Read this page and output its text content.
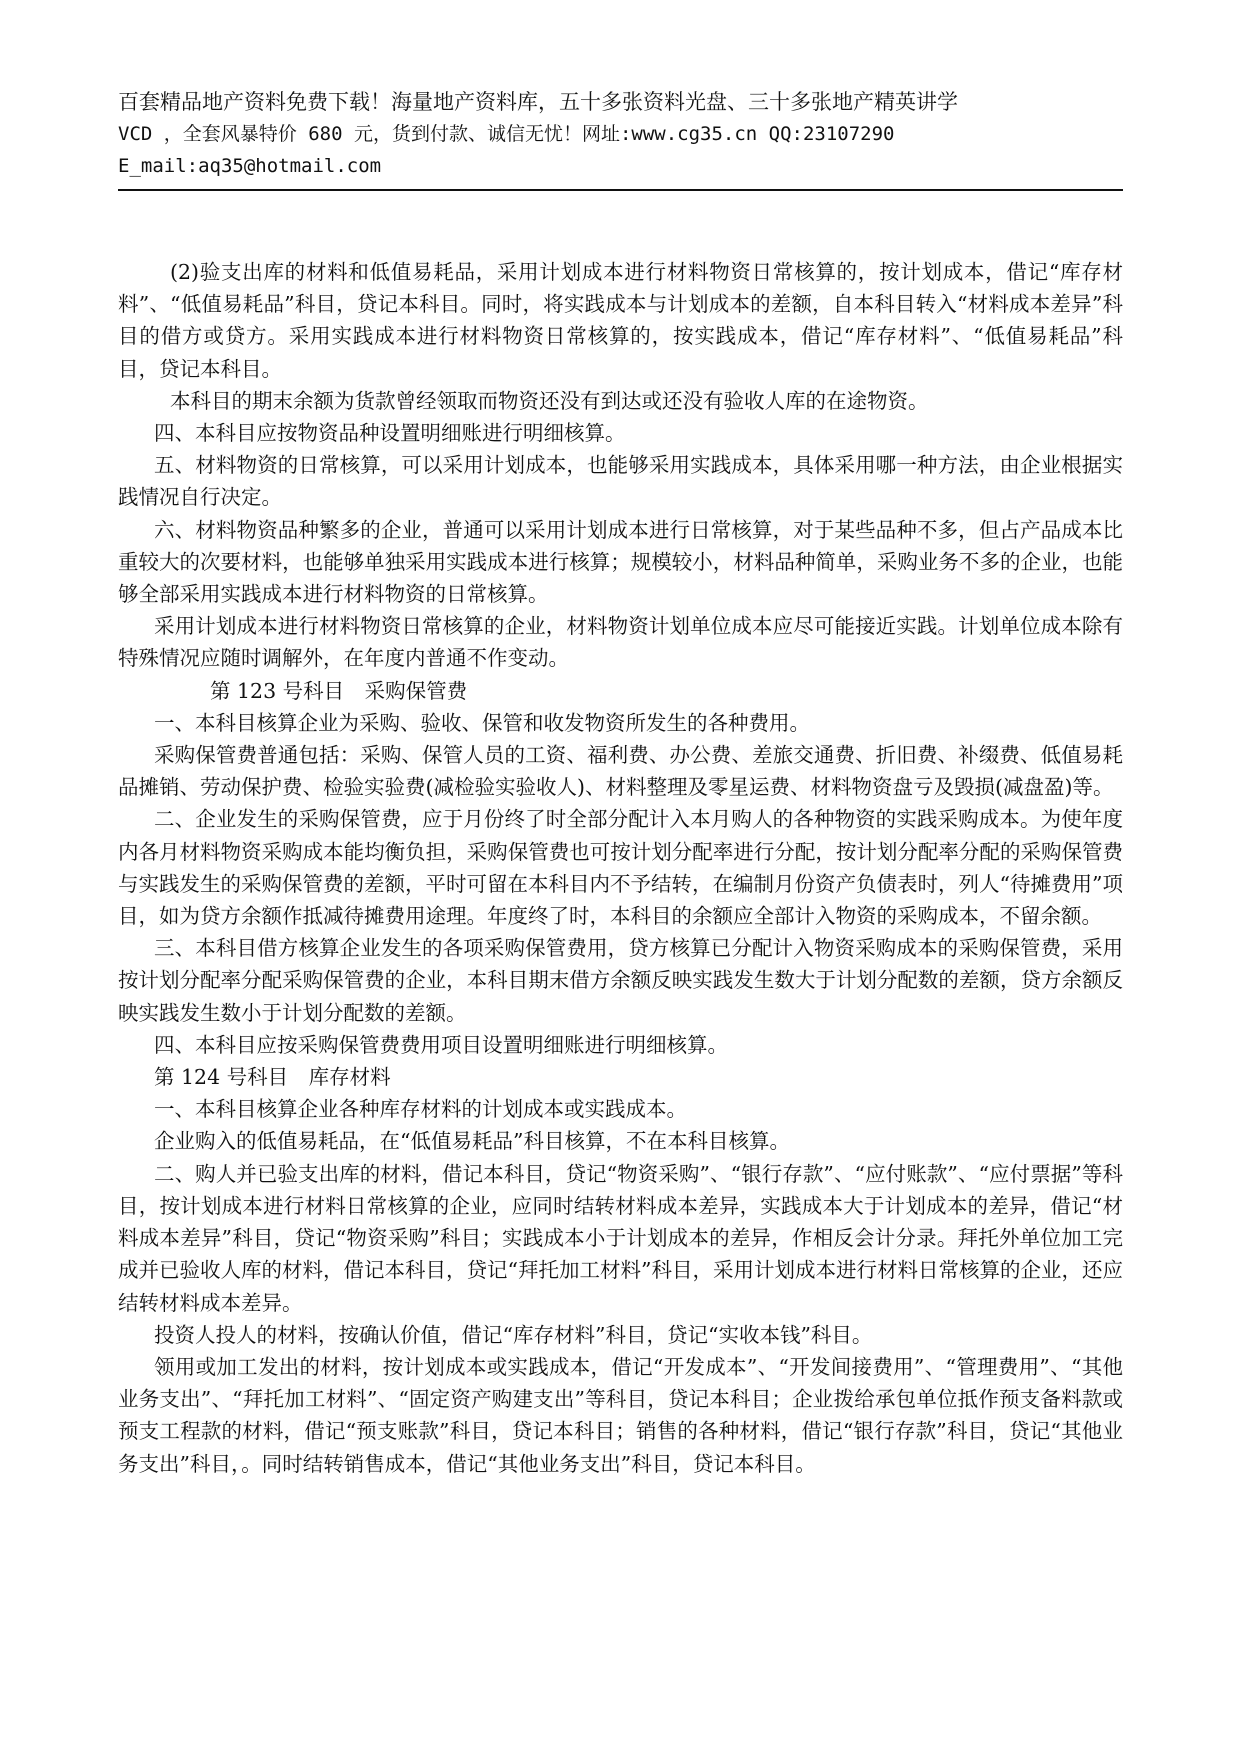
百套精品地产资料免费下载！海量地产资料库，五十多张资料光盘、三十多张地产精英讲学
VCD ，全套风暴特价 680 元，货到付款、诚信无忧！网址:www.cg35.cn QQ:23107290
E_mail:aq35@hotmail.com

(2)验支出库的材料和低值易耗品，采用计划成本进行材料物资日常核算的，按计划成本，借记“库存材料”、“低值易耗品”科目，贷记本科目。同时，将实践成本与计划成本的差额，自本科目转入“材料成本差异”科目的借方或贷方。采用实践成本进行材料物资日常核算的，按实践成本，借记“库存材料”、“低值易耗品”科目，贷记本科目。

本科目的期末余额为货款曾经领取而物资还没有到达或还没有验收人库的在途物资。

四、本科目应按物资品种设置明细账进行明细核算。

五、材料物资的日常核算，可以采用计划成本，也能够采用实践成本，具体采用哪一种方法，由企业根据实践情况自行决定。

六、材料物资品种繁多的企业，普通可以采用计划成本进行日常核算，对于某些品种不多，但占产品成本比重较大的次要材料，也能够单独采用实践成本进行核算；规模较小，材料品种简单，采购业务不多的企业，也能够全部采用实践成本进行材料物资的日常核算。

采用计划成本进行材料物资日常核算的企业，材料物资计划单位成本应尽可能接近实践。计划单位成本除有特殊情况应随时调解外，在年度内普通不作变动。

第 123 号科目　采购保管费

一、本科目核算企业为采购、验收、保管和收发物资所发生的各种费用。

采购保管费普通包括：采购、保管人员的工资、福利费、办公费、差旅交通费、折旧费、补缀费、低值易耗品摊销、劳动保护费、检验实验费(减检验实验收人)、材料整理及零星运费、材料物资盘亏及毁损(减盘盈)等。

二、企业发生的采购保管费，应于月份终了时全部分配计入本月购人的各种物资的实践采购成本。为使年度内各月材料物资采购成本能均衡负担，采购保管费也可按计划分配率进行分配，按计划分配率分配的采购保管费与实践发生的采购保管费的差额，平时可留在本科目内不予结转，在编制月份资产负债表时，列人“待摊费用”项目，如为贷方余额作抵减待摊费用途理。年度终了时，本科目的余额应全部计入物资的采购成本，不留余额。

三、本科目借方核算企业发生的各项采购保管费用，贷方核算已分配计入物资采购成本的采购保管费，采用按计划分配率分配采购保管费的企业，本科目期末借方余额反映实践发生数大于计划分配数的差额，贷方余额反映实践发生数小于计划分配数的差额。

四、本科目应按采购保管费费用项目设置明细账进行明细核算。

第 124 号科目　库存材料

一、本科目核算企业各种库存材料的计划成本或实践成本。

企业购入的低值易耗品，在“低值易耗品”科目核算，不在本科目核算。

二、购人并已验支出库的材料，借记本科目，贷记“物资采购”、“银行存款”、“应付账款”、“应付票据”等科目，按计划成本进行材料日常核算的企业，应同时结转材料成本差异，实践成本大于计划成本的差异，借记“材料成本差异”科目，贷记“物资采购”科目；实践成本小于计划成本的差异，作相反会计分录。拜托外单位加工完成并已验收人库的材料，借记本科目，贷记“拜托加工材料”科目，采用计划成本进行材料日常核算的企业，还应结转材料成本差异。

投资人投人的材料，按确认价值，借记“库存材料”科目，贷记“实收本钱”科目。

领用或加工发出的材料，按计划成本或实践成本，借记“开发成本”、“开发间接费用”、“管理费用”、“其他业务支出”、“拜托加工材料”、“固定资产购建支出”等科目，贷记本科目；企业拨给承包单位抵作预支备料款或预支工程款的材料，借记“预支账款”科目，贷记本科目；销售的各种材料，借记“银行存款”科目，贷记“其他业务支出”科目，。同时结转销售成本，借记“其他业务支出”科目，贷记本科目。
